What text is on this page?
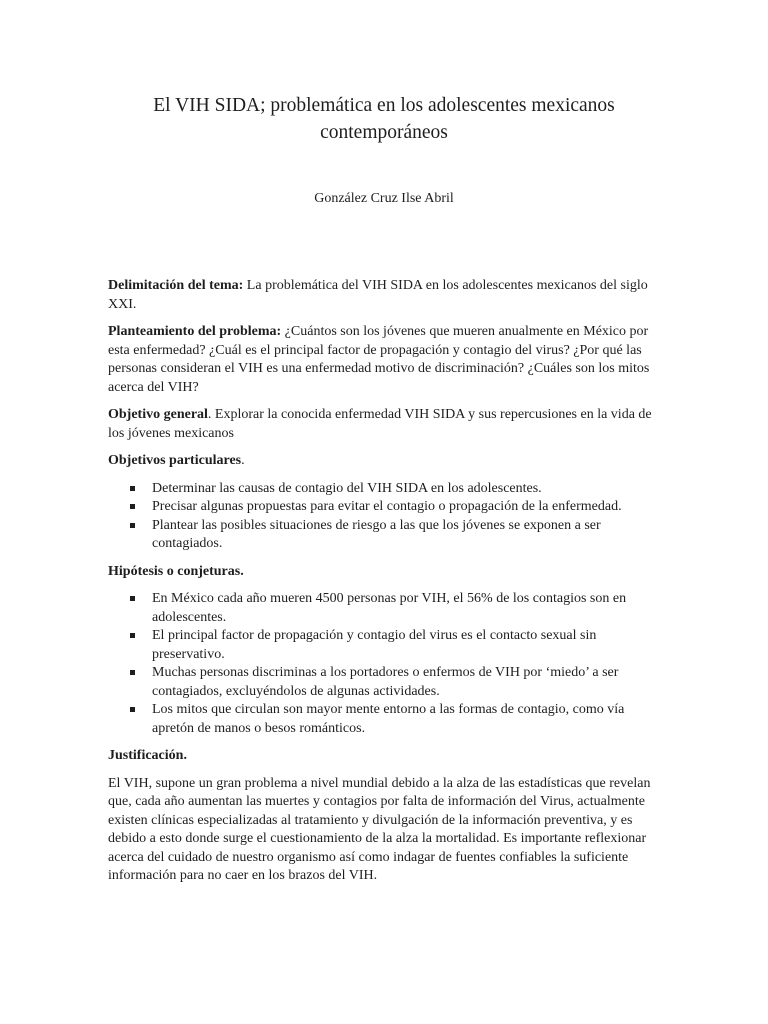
El VIH SIDA; problemática en los adolescentes mexicanos contemporáneos
González Cruz Ilse Abril

Delimitación del tema: La problemática del VIH SIDA en los adolescentes mexicanos del siglo XXI.

Planteamiento del problema: ¿Cuántos son los jóvenes que mueren anualmente en México por esta enfermedad? ¿Cuál es el principal factor de propagación y contagio del virus? ¿Por qué las personas consideran el VIH es una enfermedad motivo de discriminación? ¿Cuáles son los mitos acerca del VIH?

Objetivo general. Explorar la conocida enfermedad VIH SIDA y sus repercusiones en la vida de los jóvenes mexicanos

Objetivos particulares.

Determinar las causas de contagio del VIH SIDA en los adolescentes.
Precisar algunas propuestas para evitar el contagio o propagación de la enfermedad.
Plantear las posibles situaciones de riesgo a las que los jóvenes se exponen a ser contagiados.

Hipótesis o conjeturas.

En México cada año mueren 4500 personas por VIH, el 56% de los contagios son en adolescentes.
El principal factor de propagación y contagio del virus es el contacto sexual sin preservativo.
Muchas personas discriminas a los portadores o enfermos de VIH por ‘miedo’ a ser contagiados, excluyéndolos de algunas actividades.
Los mitos que circulan son mayor mente entorno a las formas de contagio, como vía apretón de manos o besos románticos.

Justificación.

El VIH, supone un gran problema a nivel mundial debido a la alza de las estadísticas que revelan que, cada año aumentan las muertes y contagios por falta de información del Virus, actualmente existen clínicas especializadas al tratamiento y divulgación de la información preventiva, y es debido a esto donde surge el cuestionamiento de la alza la mortalidad. Es importante reflexionar acerca del cuidado de nuestro organismo así como indagar de fuentes confiables la suficiente información para no caer en los brazos del VIH.
